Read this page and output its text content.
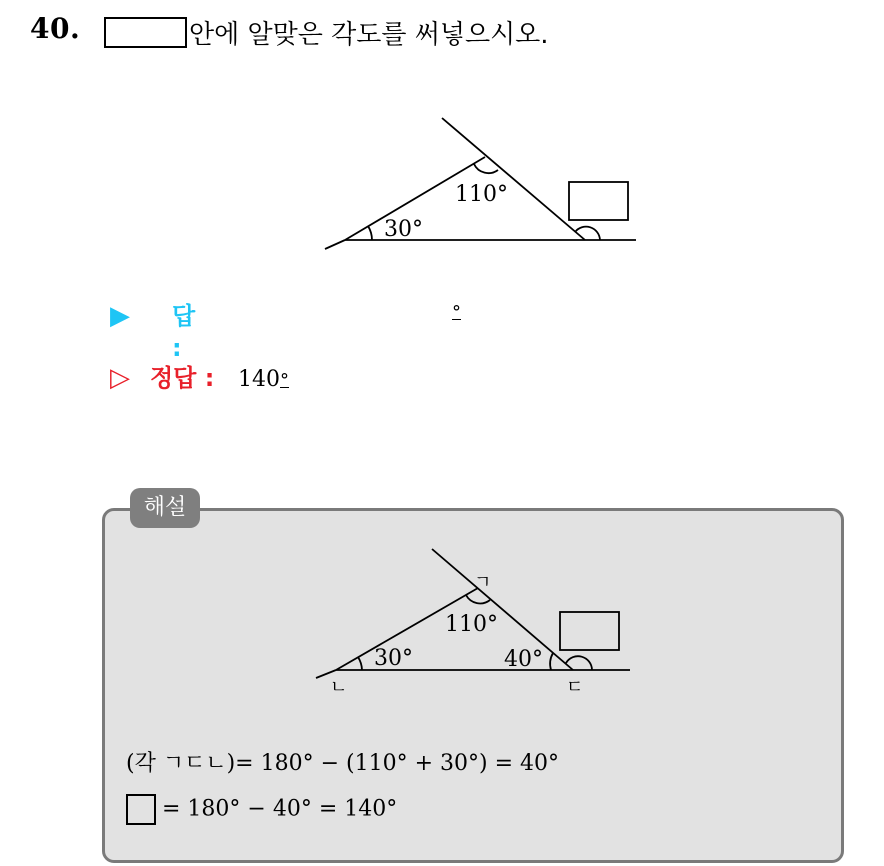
40.	안에 알맞은 각도를 써넣으시오.
110°
30°
▶ 답 :
°
▷ 정답 : 140°
해설
110°
30°	40°
ㄱ
ㄴ	ㄷ
(각 ㄱㄷㄴ)= 180° − (110° + 30°) = 40°
= 180° − 40° = 140°
